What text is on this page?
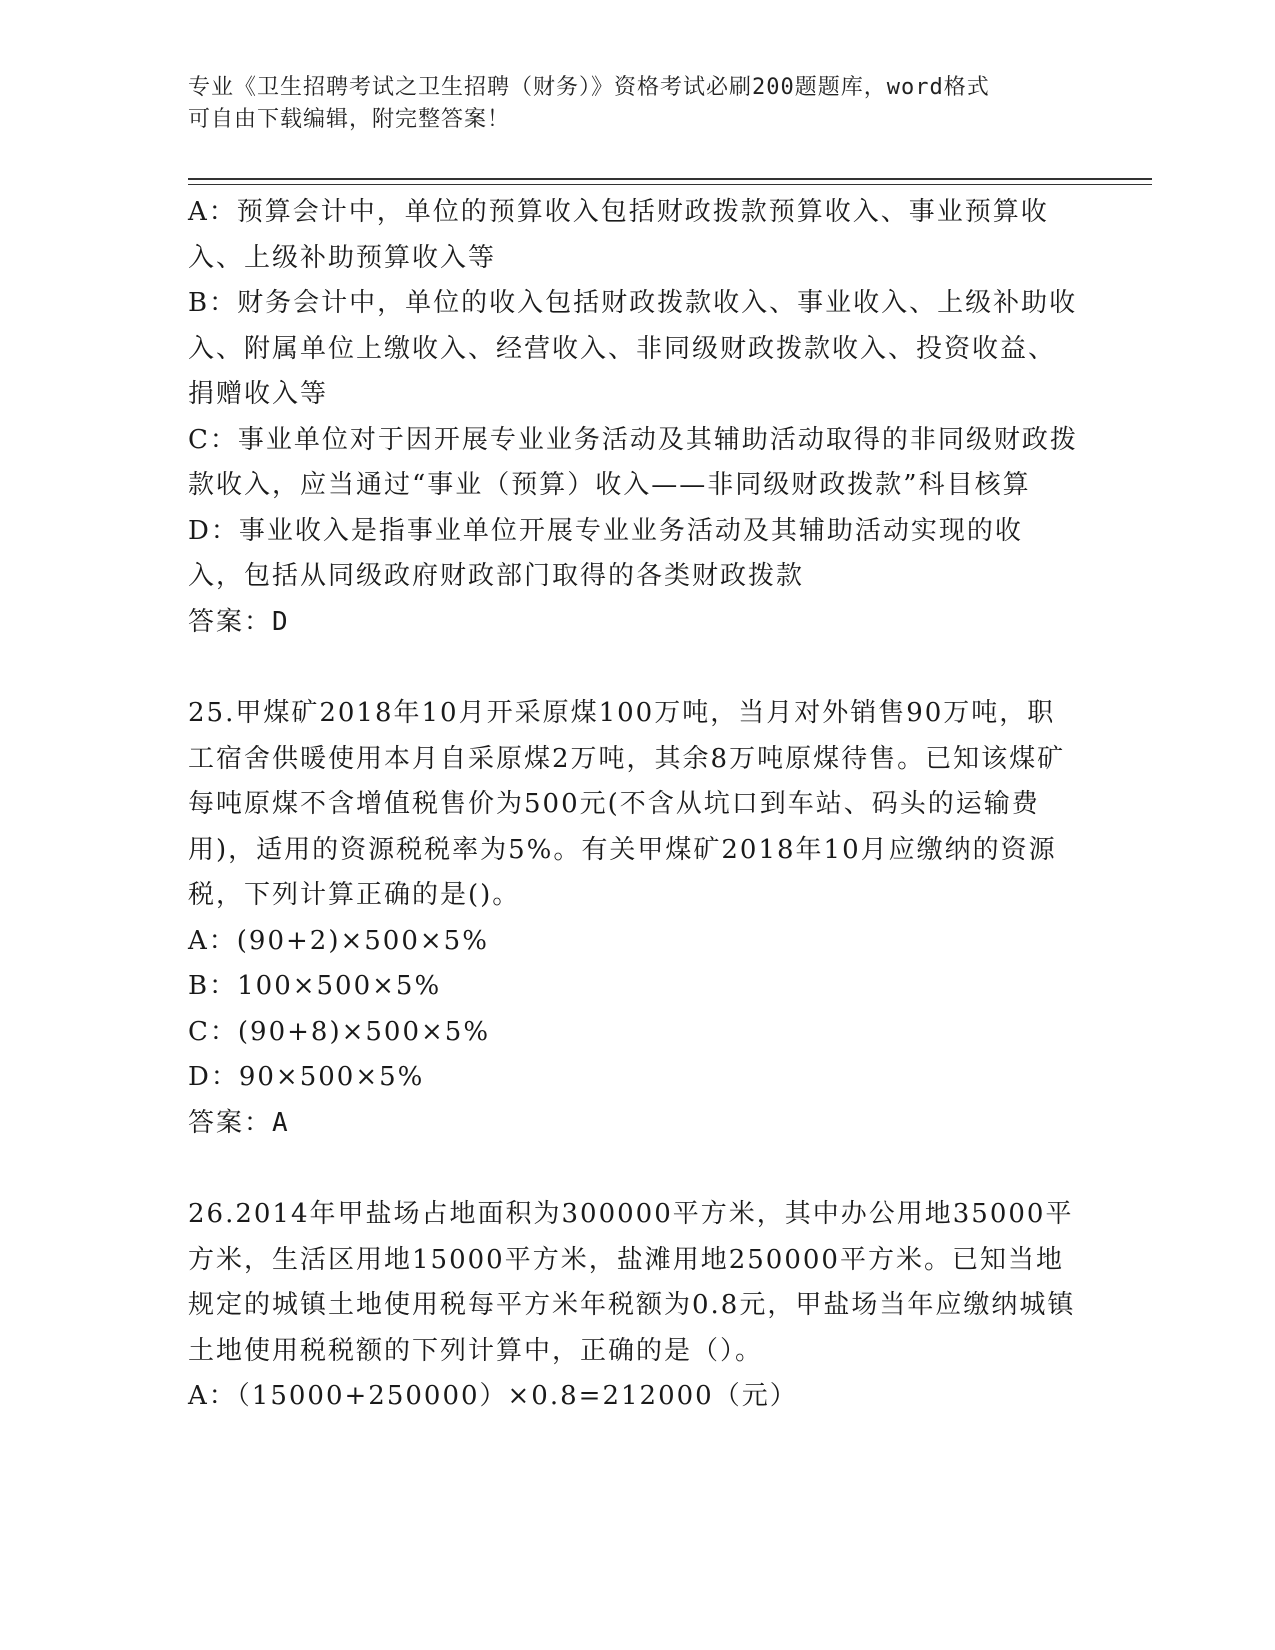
专业《卫生招聘考试之卫生招聘（财务）》资格考试必刷200题题库，word格式
可自由下载编辑，附完整答案！

A：预算会计中，单位的预算收入包括财政拨款预算收入、事业预算收入、上级补助预算收入等

B：财务会计中，单位的收入包括财政拨款收入、事业收入、上级补助收入、附属单位上缴收入、经营收入、非同级财政拨款收入、投资收益、捐赠收入等

C：事业单位对于因开展专业业务活动及其辅助活动取得的非同级财政拨款收入，应当通过“事业（预算）收入——非同级财政拨款”科目核算

D：事业收入是指事业单位开展专业业务活动及其辅助活动实现的收入，包括从同级政府财政部门取得的各类财政拨款

答案：D

25.甲煤矿2018年10月开采原煤100万吨，当月对外销售90万吨，职工宿舍供暖使用本月自采原煤2万吨，其余8万吨原煤待售。已知该煤矿每吨原煤不含增值税售价为500元(不含从坑口到车站、码头的运输费用)，适用的资源税税率为5%。有关甲煤矿2018年10月应缴纳的资源税，下列计算正确的是()。

A：(90+2)×500×5%

B：100×500×5%

C：(90+8)×500×5%

D：90×500×5%

答案：A

26.2014年甲盐场占地面积为300000平方米，其中办公用地35000平方米，生活区用地15000平方米，盐滩用地250000平方米。已知当地规定的城镇土地使用税每平方米年税额为0.8元，甲盐场当年应缴纳城镇土地使用税税额的下列计算中，正确的是（）。

A：（15000+250000）×0.8=212000（元）
